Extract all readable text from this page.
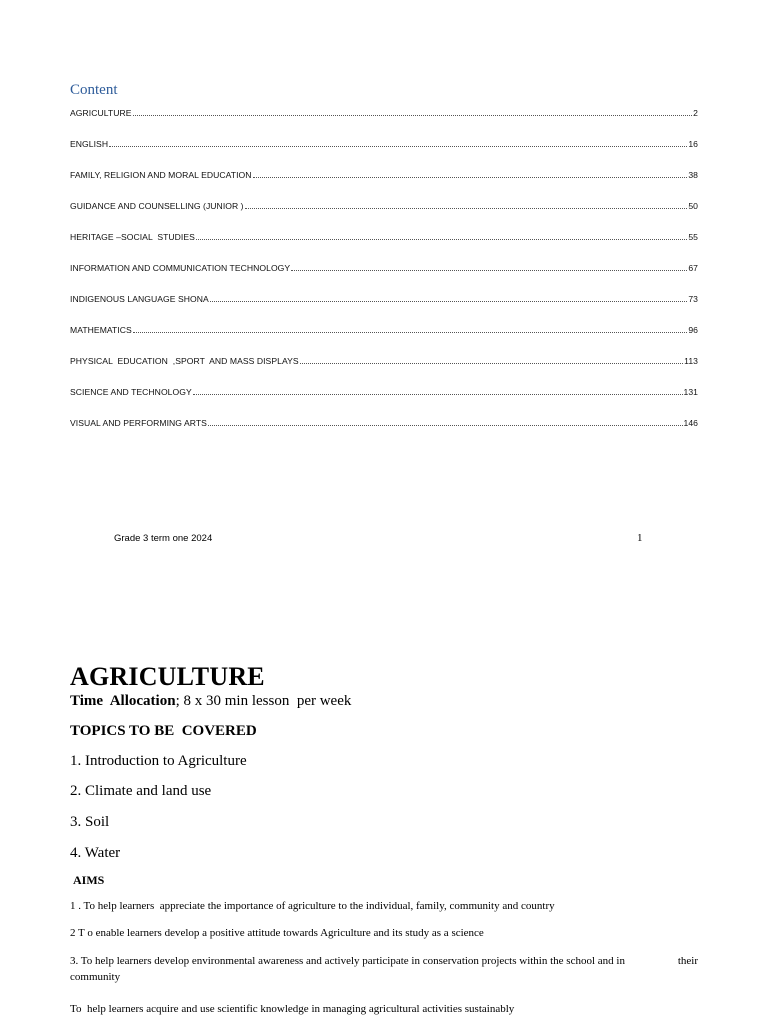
Content
AGRICULTURE	2
ENGLISH	16
FAMILY, RELIGION AND MORAL EDUCATION	38
GUIDANCE AND COUNSELLING (JUNIOR )	50
HERITAGE –SOCIAL  STUDIES	55
INFORMATION AND COMMUNICATION TECHNOLOGY	67
INDIGENOUS LANGUAGE SHONA	73
MATHEMATICS	96
PHYSICAL  EDUCATION  ,SPORT  AND MASS DISPLAYS	113
SCIENCE AND TECHNOLOGY	131
VISUAL AND PERFORMING ARTS	146
Grade 3 term one 2024	1
AGRICULTURE
Time  Allocation; 8 x 30 min lesson  per week
TOPICS TO BE  COVERED
1. Introduction to Agriculture
2. Climate and land use
3. Soil
4. Water
AIMS
1 . To help learners  appreciate the importance of agriculture to the individual, family, community and country
2 T o enable learners develop a positive attitude towards Agriculture and its study as a science
3. To help learners develop environmental awareness and actively participate in conservation projects within the school and in	their
community
To  help learners acquire and use scientific knowledge in managing agricultural activities sustainably
